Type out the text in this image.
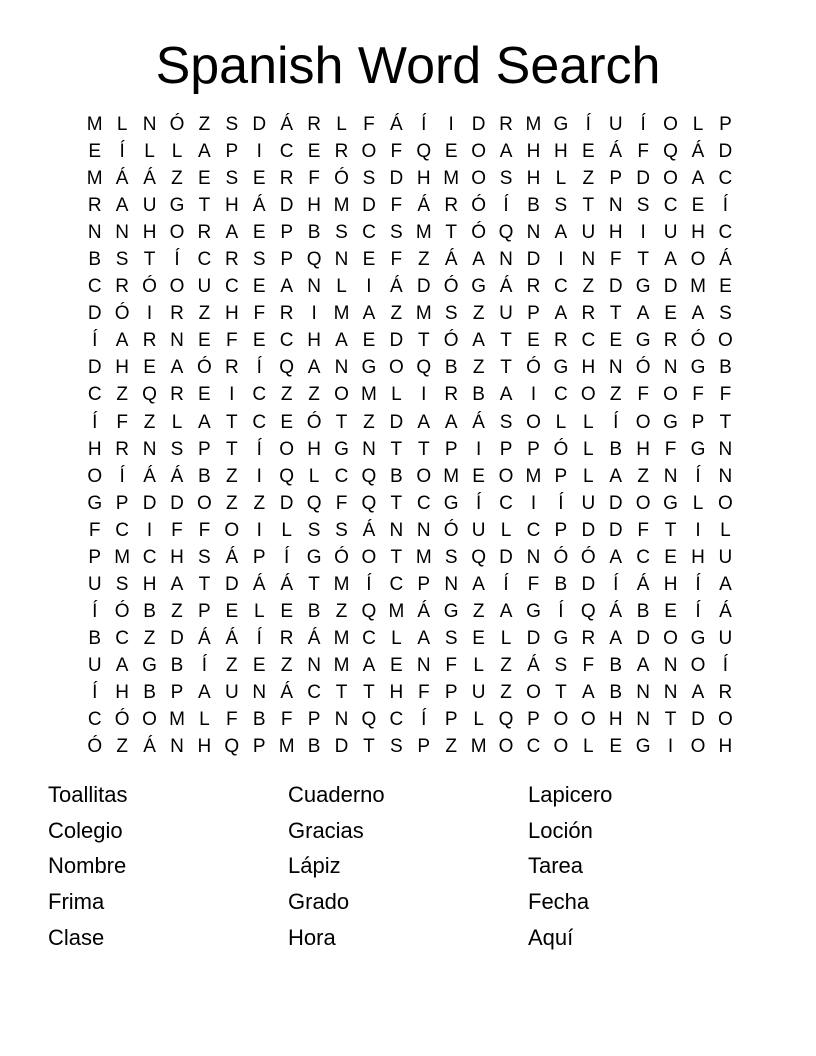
Spanish Word Search
M L N Ó Z S D Á R L F Á Í	I D R M G Í U Í O L P
E Í	L L A P I C E R O F Q E O A H H E Á F Q Á D
M Á Á Z E S E R F Ó S D H M O S H L Z P D O A C
R A U G T H Á D H M D F Á R Ó Í B S T N S C E Í
N N H O R A E P B S C S M T Ó Q N A U H I U H C
B S T Í C R S P Q N E F Z Á A N D I N F T A O Á
C R Ó O U C E A N L	I Á D Ó G Á R C Z D G D M E
D Ó I R Z H F R I M A Z M S Z U P A R T A E A S
Í A R N E F E C H A E D T Ó A T E R C E G R Ó O
D H E A Ó R Í Q A N G O Q B Z T Ó G H N Ó N G B
C Z Q R E I C Z Z O M L	I R B A I C O Z F O F F
Í F Z L A T C E Ó T Z D A A Á S O L L	Í O G P T
H R N S P T Í O H G N T T P I P P Ó L B H F G N
O Í Á Á B Z I Q L C Q B O M E O M P L A Z N Í N
G P D D O Z Z D Q F Q T C G Í C I	Í U D O G L O
F C I F F O I	L S S Á N N Ó U L C P D D F T I	L
P M C H S Á P Í G Ó O T M S Q D N Ó Ó A C E H U
U S H A T D Á Á T M Í C P N A Í F B D Í Á H Í A
Í Ó B Z P E L E B Z Q M Á G Z A G Í Q Á B E Í Á
B C Z D Á Á Í R Á M C L A S E L D G R A D O G U
U A G B Í Z E Z N M A E N F L Z Á S F B A N O Í
Í H B P A U N Á C T T H F P U Z O T A B N N A R
C Ó O M L F B F P N Q C Í P L Q P O O H N T D O
Ó Z Á N H Q P M B D T S P Z M O C O L E G I O H
Toallitas
Colegio
Nombre
Frima
Clase
Cuaderno
Gracias
Lápiz
Grado
Hora
Lapicero
Loción
Tarea
Fecha
Aquí
